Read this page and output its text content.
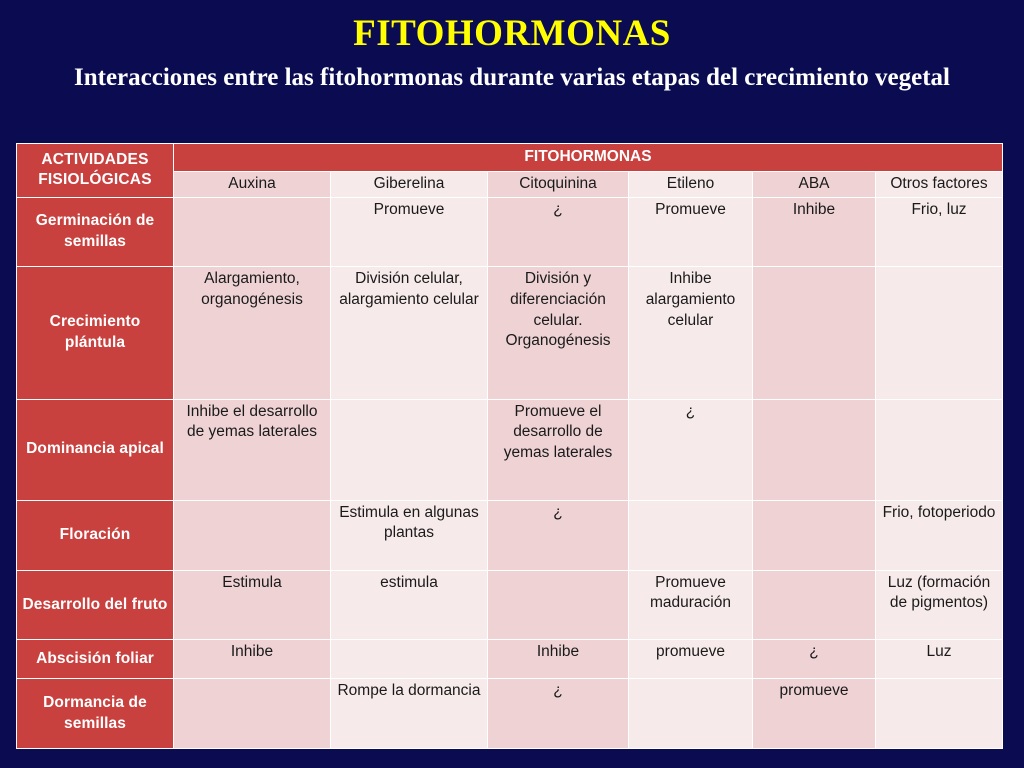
FITOHORMONAS
Interacciones entre las fitohormonas durante varias etapas del crecimiento vegetal
ACTIVIDADES FISIOLÓGICAS	FITOHORMONAS					
	Auxina	Giberelina	Citoquinina	Etileno	ABA	Otros factores
Germinación de semillas		Promueve	¿	Promueve	Inhibe	Frio, luz
Crecimiento plántula	Alargamiento, organogénesis	División celular, alargamiento celular	División y diferenciación celular. Organogénesis	Inhibe alargamiento celular		
Dominancia apical	Inhibe el desarrollo de yemas laterales		Promueve el desarrollo de yemas laterales	¿		
Floración		Estimula en algunas plantas	¿			Frio, fotoperiodo
Desarrollo del fruto	Estimula	estimula		Promueve maduración		Luz (formación de pigmentos)
Abscisión foliar	Inhibe		Inhibe	promueve	¿	Luz
Dormancia de semillas		Rompe la dormancia	¿		promueve	
